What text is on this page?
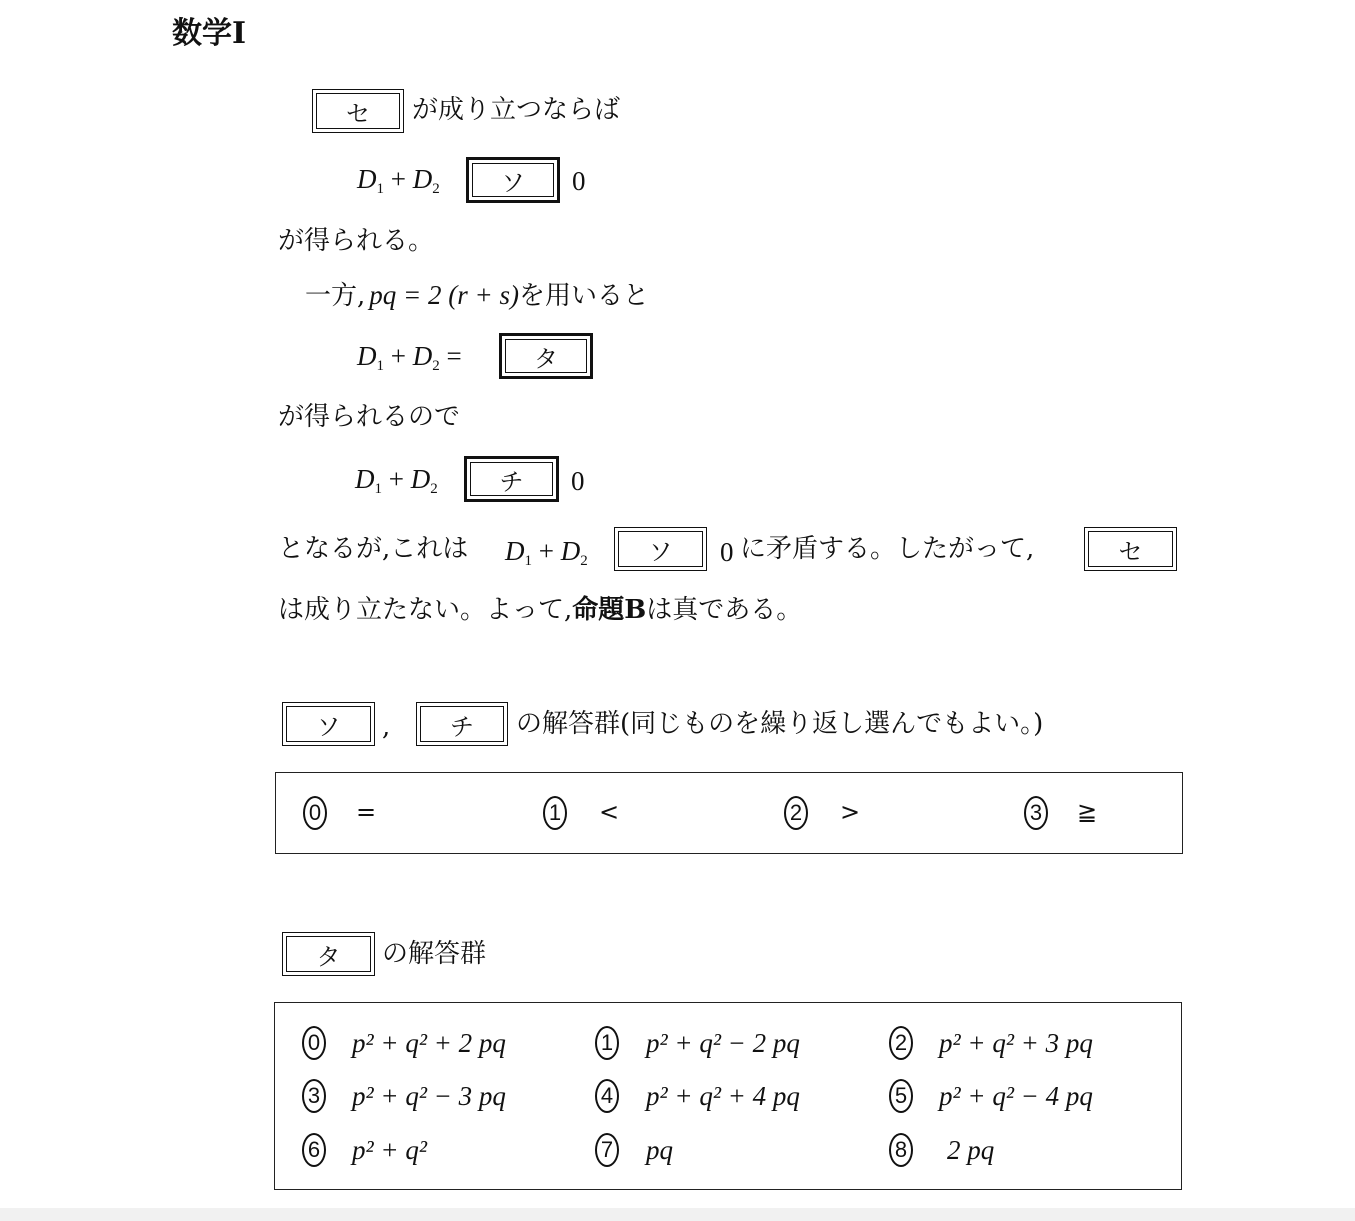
数学Ⅰ
セ	が成り立つならば
$D_1 + D_2$	ソ	0
が得られる。
一方, pq = 2 (r + s)を用いると
$D_1 + D_2$ =	タ
が得られるので
$D_1 + D_2$	チ	0
となるが,これは $D_1 + D_2$	ソ	0 に矛盾する。したがって,	セ
は成り立たない。よって,命題Bは真である。
ソ	,	チ	の解答群(同じものを繰り返し選んでもよい。)
0 =	1 <	2 >	3 ≧
タ	の解答群
0 p² + q² + 2 pq	1 p² + q² − 2 pq	2 p² + q² + 3 pq
3 p² + q² − 3 pq	4 p² + q² + 4 pq	5 p² + q² − 4 pq
6 p² + q²	7 pq	8 2 pq
